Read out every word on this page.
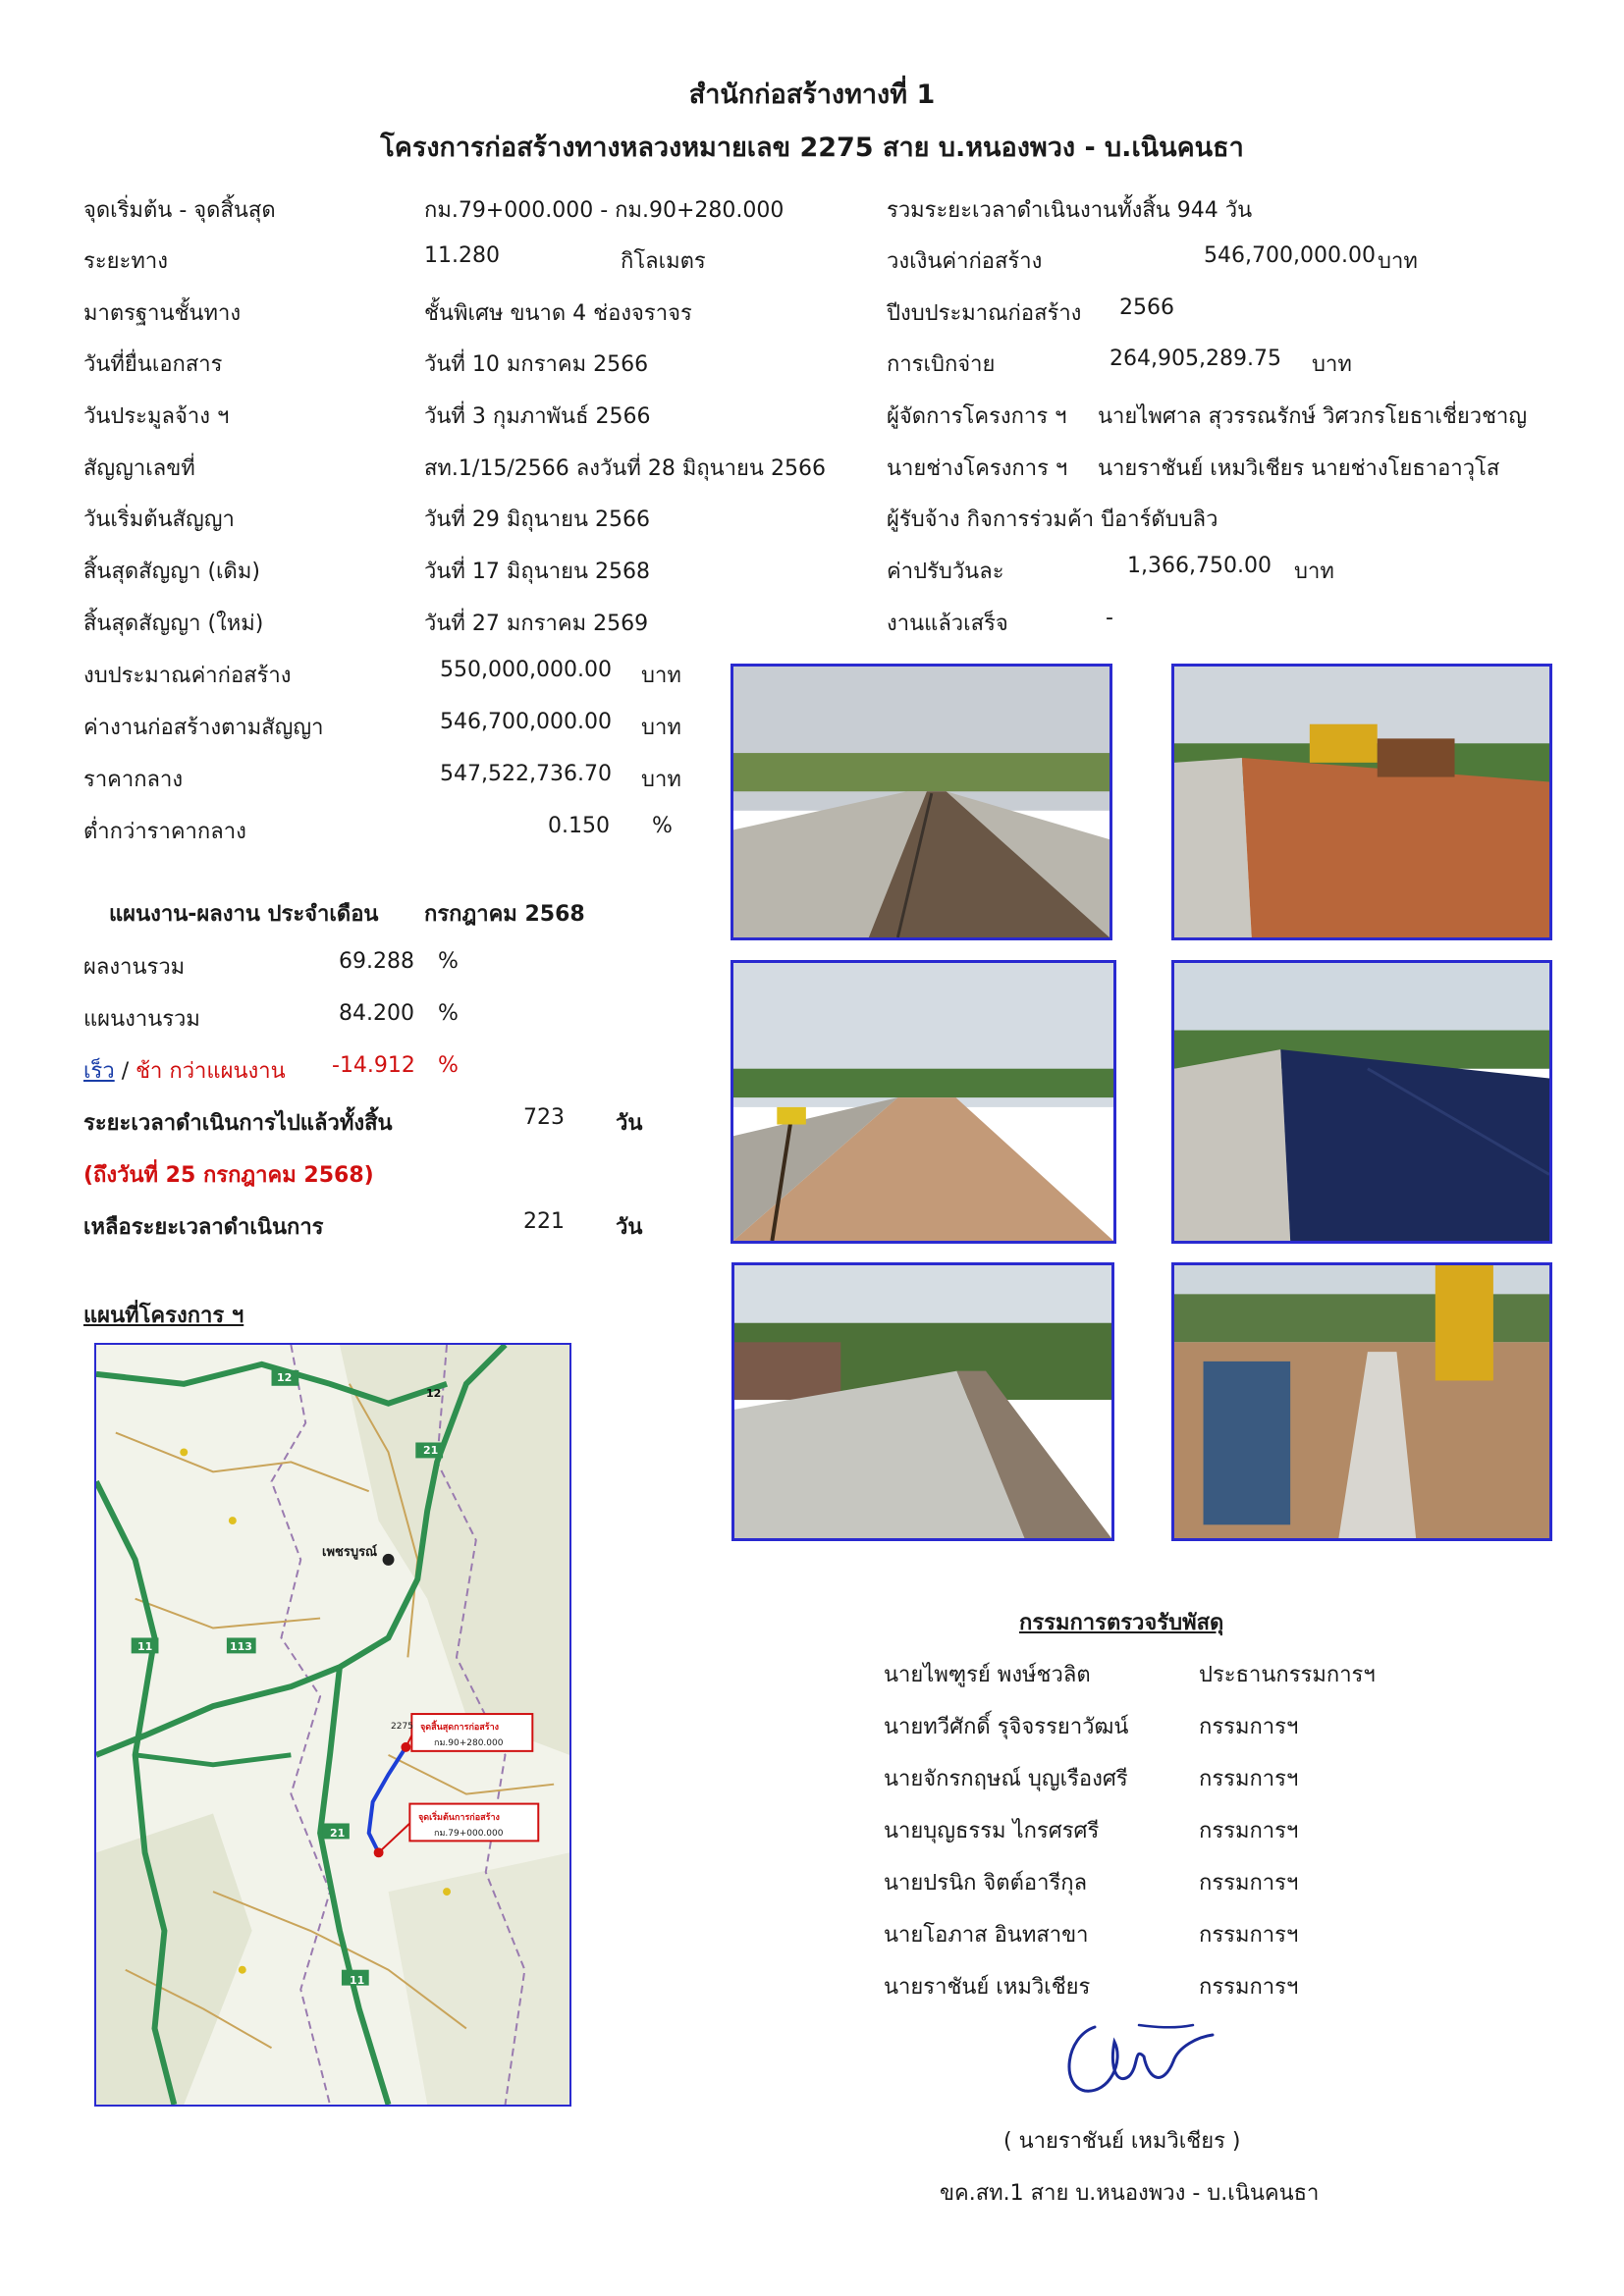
สำนักก่อสร้างทางที่ 1
โครงการก่อสร้างทางหลวงหมายเลข 2275 สาย บ.หนองพวง - บ.เนินคนธา
จุดเริ่มต้น - จุดสิ้นสุด	กม.79+000.000 - กม.90+280.000
ระยะทาง	11.280	กิโลเมตร
มาตรฐานชั้นทาง	ชั้นพิเศษ ขนาด 4 ช่องจราจร
วันที่ยื่นเอกสาร	วันที่ 10 มกราคม 2566
วันประมูลจ้าง ฯ	วันที่ 3 กุมภาพันธ์ 2566
สัญญาเลขที่	สท.1/15/2566 ลงวันที่ 28 มิถุนายน 2566
วันเริ่มต้นสัญญา	วันที่ 29 มิถุนายน 2566
สิ้นสุดสัญญา (เดิม)	วันที่ 17 มิถุนายน 2568
สิ้นสุดสัญญา (ใหม่)	วันที่ 27 มกราคม 2569
รวมระยะเวลาดำเนินงานทั้งสิ้น 944 วัน
วงเงินค่าก่อสร้าง	546,700,000.00 บาท
ปีงบประมาณก่อสร้าง 2566
การเบิกจ่าย	264,905,289.75 บาท
ผู้จัดการโครงการ ฯ นายไพศาล สุวรรณรักษ์ วิศวกรโยธาเชี่ยวชาญ
นายช่างโครงการ ฯ นายราชันย์ เหมวิเชียร นายช่างโยธาอาวุโส
ผู้รับจ้าง กิจการร่วมค้า บีอาร์ดับบลิว
ค่าปรับวันละ	1,366,750.00 บาท
งานแล้วเสร็จ	-
งบประมาณค่าก่อสร้าง	550,000,000.00 บาท
ค่างานก่อสร้างตามสัญญา	546,700,000.00 บาท
ราคากลาง	547,522,736.70 บาท
ต่ำกว่าราคากลาง	0.150 %
แผนงาน-ผลงาน ประจำเดือน กรกฎาคม 2568
ผลงานรวม	69.288 %
แผนงานรวม	84.200 %
เร็ว / ช้า กว่าแผนงาน -14.912 %
ระยะเวลาดำเนินการไปแล้วทั้งสิ้น	723 วัน
(ถึงวันที่ 25 กรกฎาคม 2568)
เหลือระยะเวลาดำเนินการ	221 วัน
แผนที่โครงการ ฯ
เพชรบูรณ์
จุดสิ้นสุดการก่อสร้าง
กม.90+280.000
จุดเริ่มต้นการก่อสร้าง
กม.79+000.000
12
21
113
11
2275
21
11
12
กรรมการตรวจรับพัสดุ
นายไพฑูรย์ พงษ์ชวลิต	ประธานกรรมการฯ
นายทวีศักดิ์ รุจิจรรยาวัฒน์	กรรมการฯ
นายจักรกฤษณ์ บุญเรืองศรี	กรรมการฯ
นายบุญธรรม ไกรศรศรี	กรรมการฯ
นายปรนิก จิตต์อารีกุล	กรรมการฯ
นายโอภาส อินทสาขา	กรรมการฯ
นายราชันย์ เหมวิเชียร	กรรมการฯ
( นายราชันย์ เหมวิเชียร )
ขค.สท.1 สาย บ.หนองพวง - บ.เนินคนธา
